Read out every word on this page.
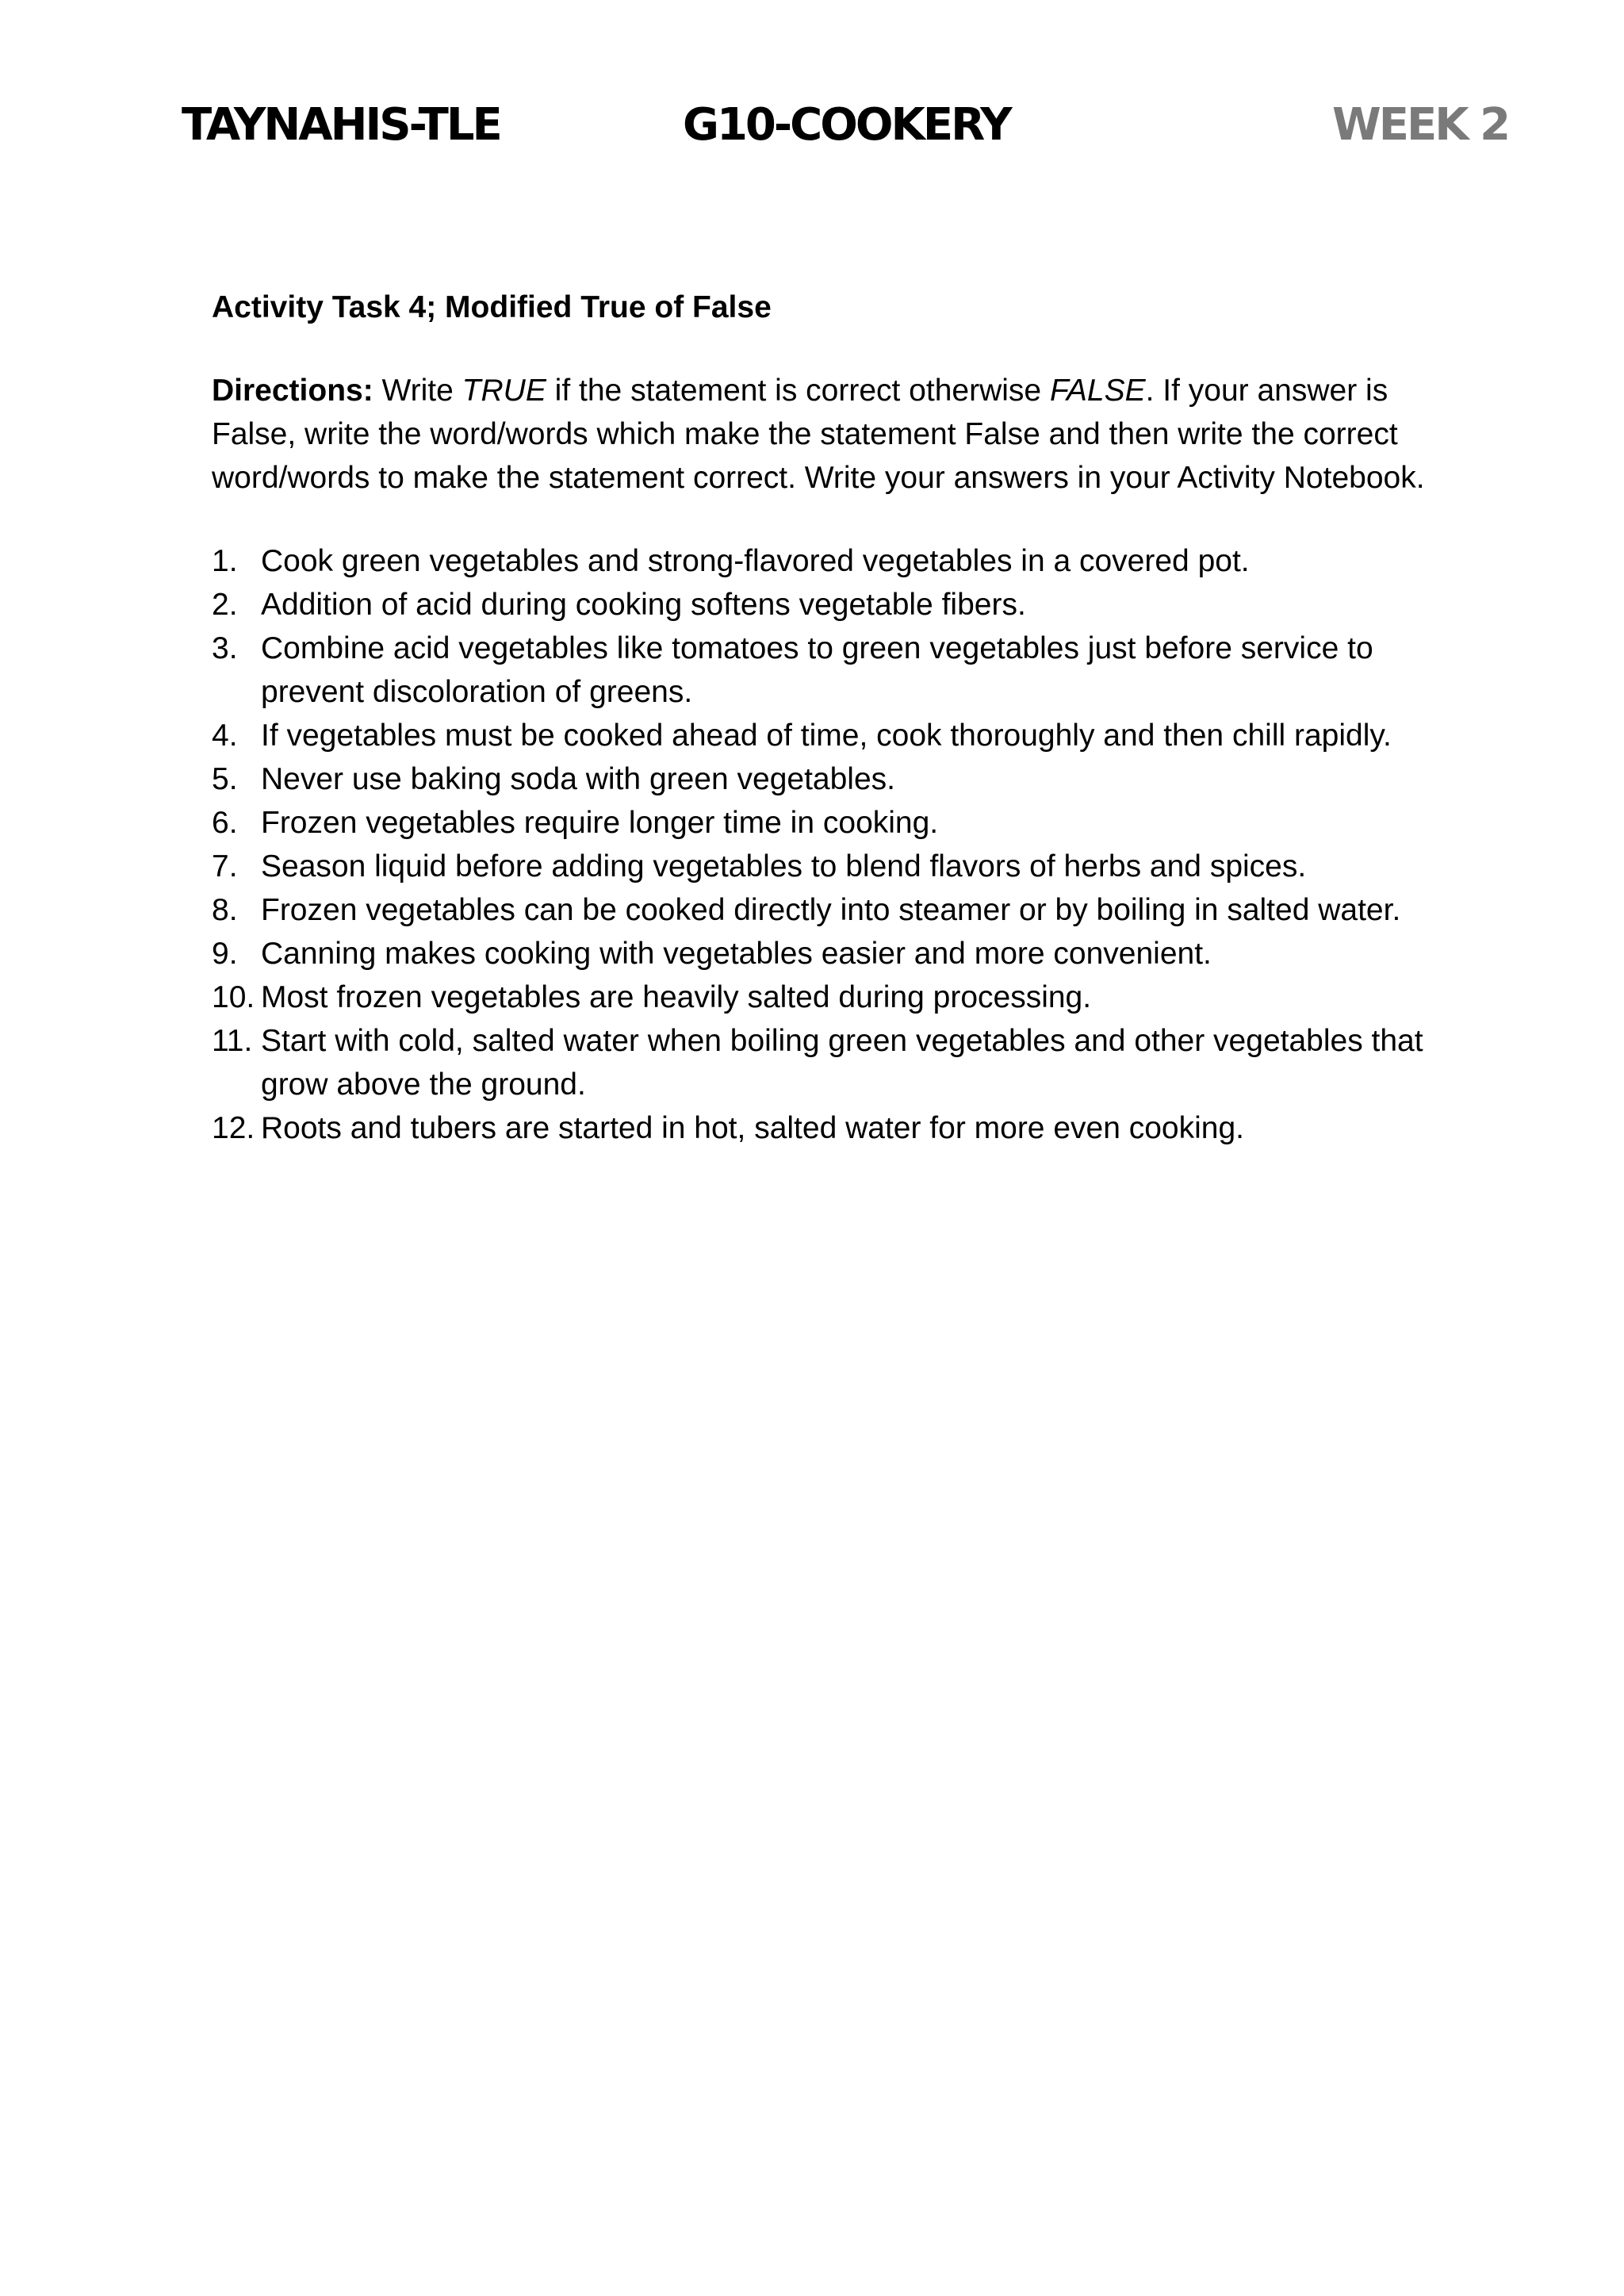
TAYNAHIS-TLE	G10-COOKERY	WEEK 2

Activity Task 4; Modified True of False

Directions: Write TRUE if the statement is correct otherwise FALSE. If your answer is False, write the word/words which make the statement False and then write the correct word/words to make the statement correct. Write your answers in your Activity Notebook.

1. Cook green vegetables and strong-flavored vegetables in a covered pot.
2. Addition of acid during cooking softens vegetable fibers.
3. Combine acid vegetables like tomatoes to green vegetables just before service to prevent discoloration of greens.
4. If vegetables must be cooked ahead of time, cook thoroughly and then chill rapidly.
5. Never use baking soda with green vegetables.
6. Frozen vegetables require longer time in cooking.
7. Season liquid before adding vegetables to blend flavors of herbs and spices.
8. Frozen vegetables can be cooked directly into steamer or by boiling in salted water.
9. Canning makes cooking with vegetables easier and more convenient.
10. Most frozen vegetables are heavily salted during processing.
11. Start with cold, salted water when boiling green vegetables and other vegetables that grow above the ground.
12. Roots and tubers are started in hot, salted water for more even cooking.
